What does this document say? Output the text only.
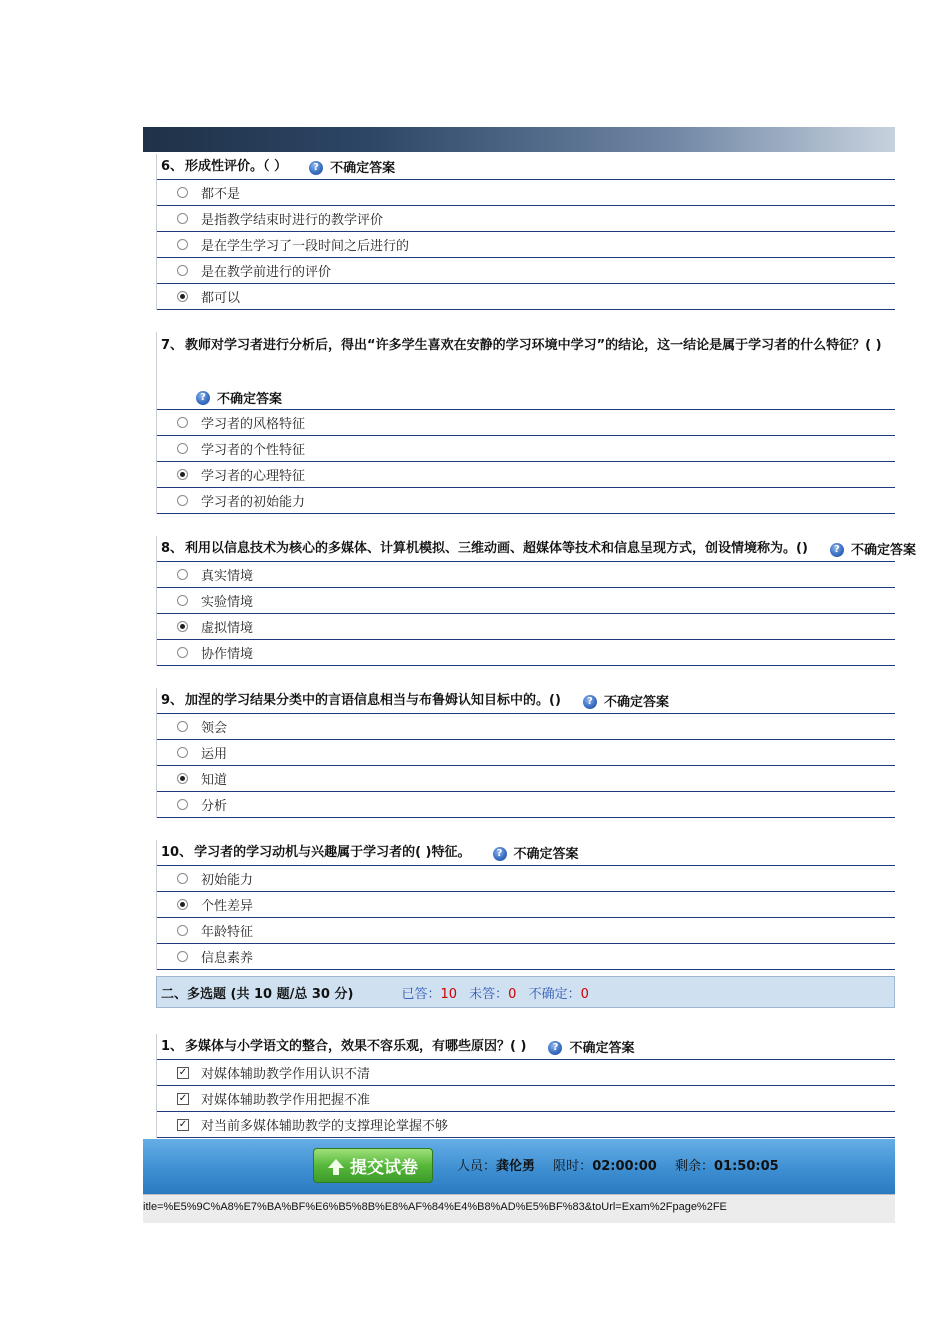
6、 形成性评价。（ ）	? 不确定答案
都不是
是指教学结束时进行的教学评价
是在学生学习了一段时间之后进行的
是在教学前进行的评价
都可以
7、 教师对学习者进行分析后，得出“许多学生喜欢在安静的学习环境中学习”的结论，这一结论是属于学习者的什么特征？( )
? 不确定答案
学习者的风格特征
学习者的个性特征
学习者的心理特征
学习者的初始能力
8、 利用以信息技术为核心的多媒体、计算机模拟、三维动画、超媒体等技术和信息呈现方式，创设情境称为。()	? 不确定答案
真实情境
实验情境
虚拟情境
协作情境
9、 加涅的学习结果分类中的言语信息相当与布鲁姆认知目标中的。()	? 不确定答案
领会
运用
知道
分析
10、 学习者的学习动机与兴趣属于学习者的( )特征。	? 不确定答案
初始能力
个性差异
年龄特征
信息素养
二、多选题 (共 10 题/总 30 分)	已答：10 未答：0 不确定：0
1、 多媒体与小学语文的整合，效果不容乐观，有哪些原因？( )	? 不确定答案
✓ 对媒体辅助教学作用认识不清
✓ 对媒体辅助教学作用把握不准
✓ 对当前多媒体辅助教学的支撑理论掌握不够
提交试卷	人员：龚伦勇 限时：02:00:00 剩余：01:50:05
itle=%E5%9C%A8%E7%BA%BF%E6%B5%8B%E8%AF%84%E4%B8%AD%E5%BF%83&toUrl=Exam%2Fpage%2FE
